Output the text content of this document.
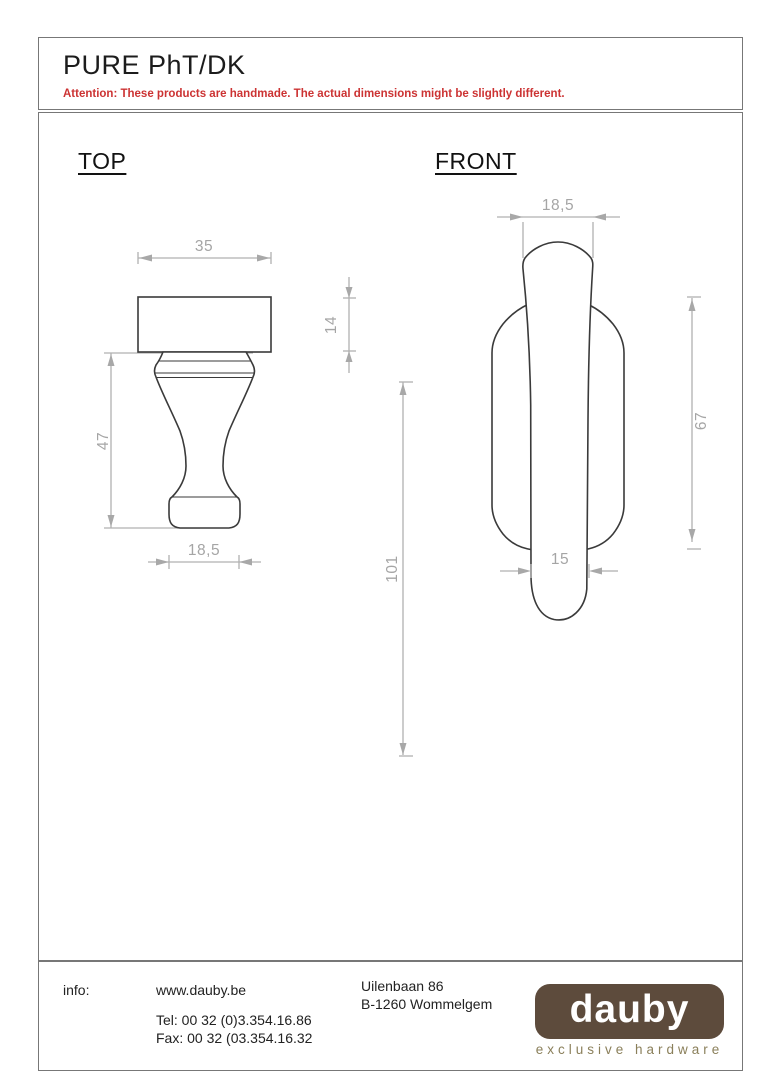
PURE PhT/DK
Attention: These products are handmade. The actual dimensions might be slightly different.
TOP	FRONT
47
35
14
18,5
18,5
101
67
15
info:	www.dauby.be
Tel: 00 32 (0)3.354.16.86
Fax: 00 32 (03.354.16.32
Uilenbaan 86
B-1260 Wommelgem dauby
exclusive hardware
